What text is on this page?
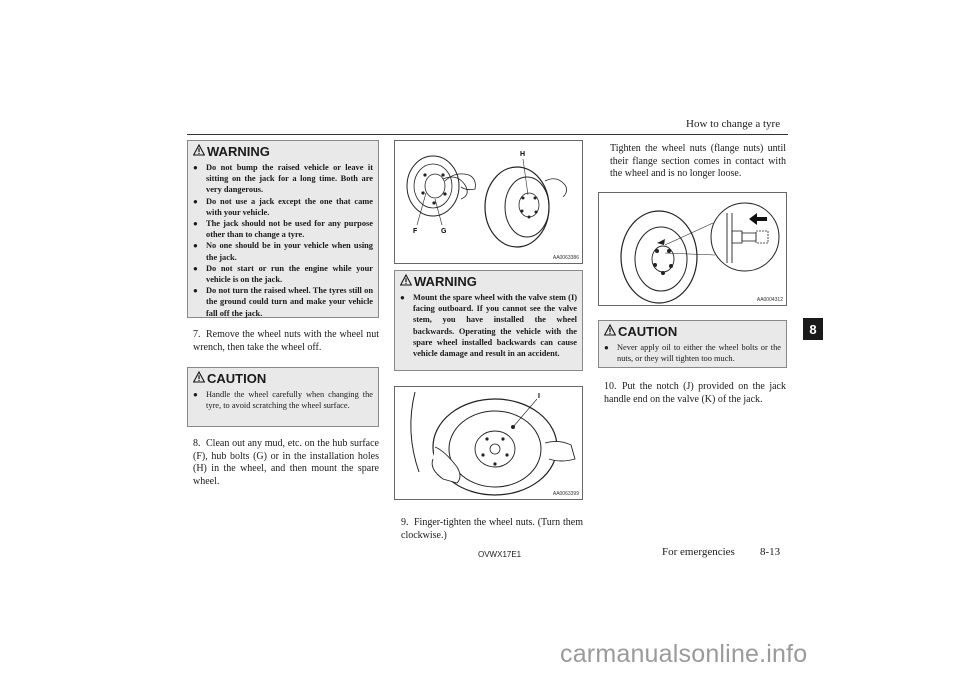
How to change a tyre
8
WARNING
● Do not bump the raised vehicle or leave it sitting on the jack for a long time. Both are very dangerous.
● Do not use a jack except the one that came with your vehicle.
● The jack should not be used for any purpose other than to change a tyre.
● No one should be in your vehicle when using the jack.
● Do not start or run the engine while your vehicle is on the jack.
● Do not turn the raised wheel. The tyres still on the ground could turn and make your vehicle fall off the jack.
7. Remove the wheel nuts with the wheel nut wrench, then take the wheel off.
CAUTION
● Handle the wheel carefully when changing the tyre, to avoid scratching the wheel surface.
8. Clean out any mud, etc. on the hub surface (F), hub bolts (G) or in the installation holes (H) in the wheel, and then mount the spare wheel.
F	G
H
AA0063386
WARNING
● Mount the spare wheel with the valve stem (I) facing outboard. If you cannot see the valve stem, you have installed the wheel backwards. Operating the vehicle with the spare wheel installed backwards can cause vehicle damage and result in an accident.
I
AA0063399
9. Finger-tighten the wheel nuts. (Turn them clockwise.)
Tighten the wheel nuts (flange nuts) until their flange section comes in contact with the wheel and is no longer loose.
AA0004312
CAUTION
● Never apply oil to either the wheel bolts or the nuts, or they will tighten too much.
10. Put the notch (J) provided on the jack handle end on the valve (K) of the jack.
OVWX17E1	For emergencies 8-13
carmanualsonline.info
